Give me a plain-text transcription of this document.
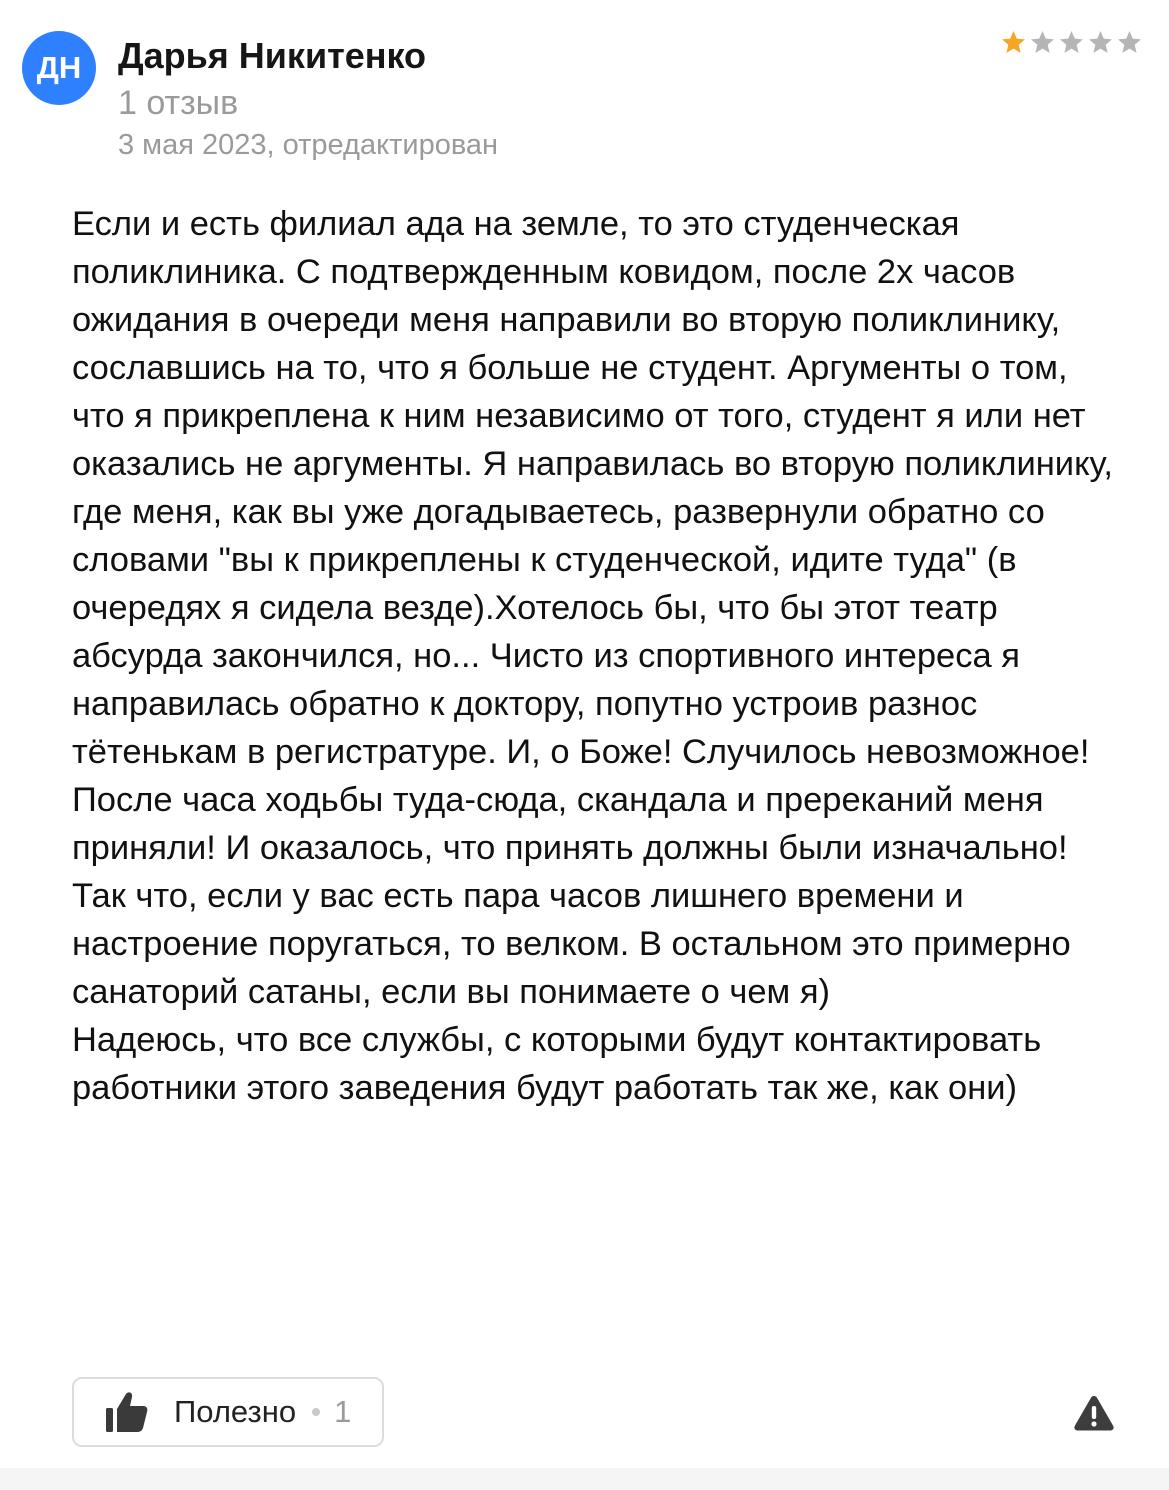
ДН	Дарья Никитенко
1 отзыв
3 мая 2023, отредактирован
Если и есть филиал ада на земле, то это студенческая поликлиника. С подтвержденным ковидом, после 2х часов ожидания в очереди меня направили во вторую поликлинику, сославшись на то, что я больше не студент. Аргументы о том, что я прикреплена к ним независимо от того, студент я или нет оказались не аргументы. Я направилась во вторую поликлинику, где меня, как вы уже догадываетесь, развернули обратно со словами "вы к прикреплены к студенческой, идите туда" (в очередях я сидела везде).Хотелось бы, что бы этот театр абсурда закончился, но... Чисто из спортивного интереса я направилась обратно к доктору, попутно устроив разнос тётенькам в регистратуре. И, о Боже! Случилось невозможное! После часа ходьбы туда-сюда, скандала и пререканий меня приняли! И оказалось, что принять должны были изначально! Так что, если у вас есть пара часов лишнего времени и настроение поругаться, то велком. В остальном это примерно санаторий сатаны, если вы понимаете о чем я)
Надеюсь, что все службы, с которыми будут контактировать работники этого заведения будут работать так же, как они)
Полезно 1
